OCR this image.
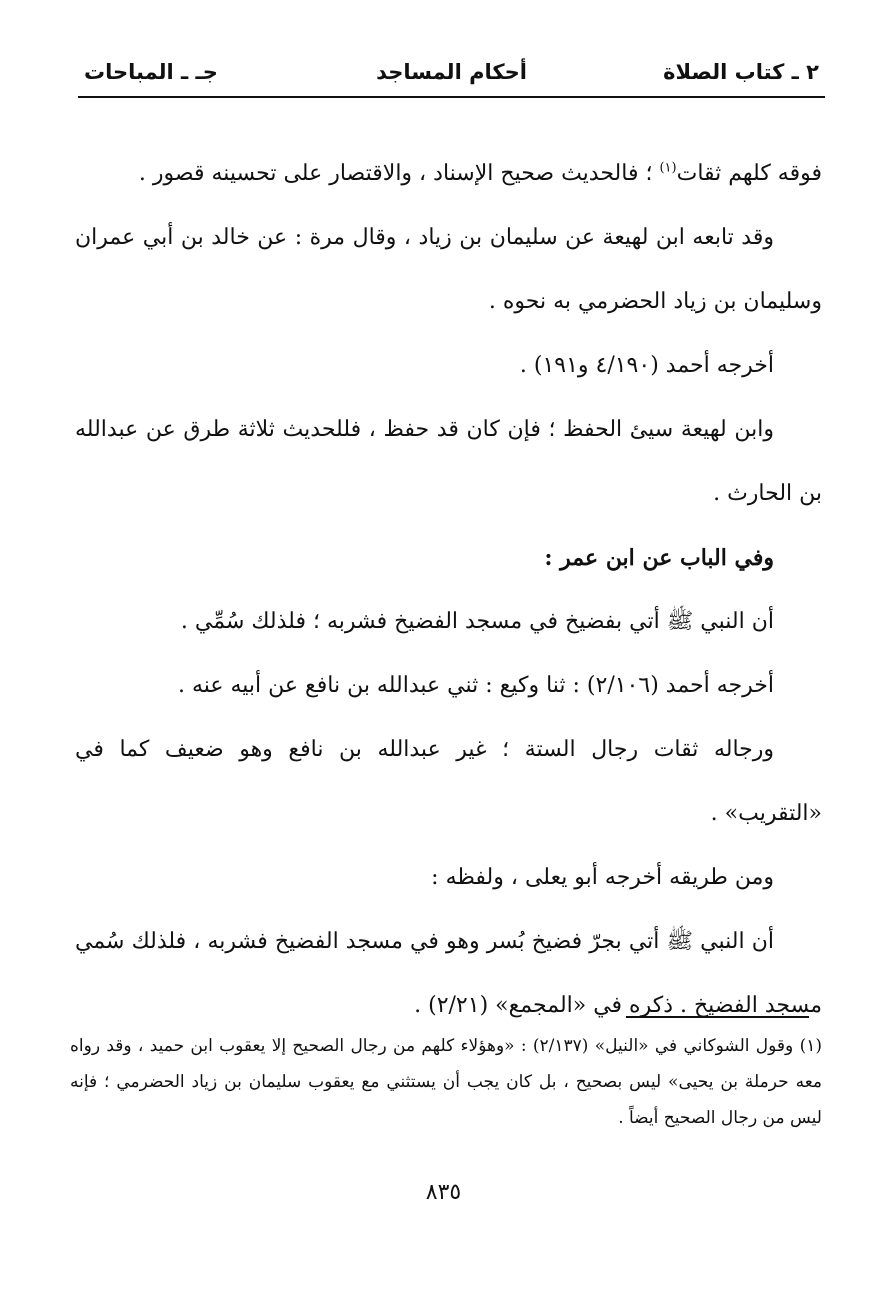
٢ ـ كتاب الصلاة
أحكام المساجد
جـ ـ المباحات

فوقه كلهم ثقات$^{(١)}$ ؛ فالحديث صحيح الإسناد ، والاقتصار على تحسينه قصور .

وقد تابعه ابن لهيعة عن سليمان بن زياد ، وقال مرة : عن خالد بن أبي عمران وسليمان بن زياد الحضرمي به نحوه .

أخرجه أحمد (٤/١٩٠ و١٩١) .

وابن لهيعة سيئ الحفظ ؛ فإن كان قد حفظ ، فللحديث ثلاثة طرق عن عبدالله بن الحارث .

وفي الباب عن ابن عمر :

أن النبي ﷺ أتي بفضيخ في مسجد الفضيخ فشربه ؛ فلذلك سُمِّي .

أخرجه أحمد (٢/١٠٦) : ثنا وكيع : ثني عبدالله بن نافع عن أبيه عنه .

ورجاله ثقات رجال الستة ؛ غير عبدالله بن نافع وهو ضعيف كما في «التقريب» .

ومن طريقه أخرجه أبو يعلى ، ولفظه :

أن النبي ﷺ أتي بجرّ فضيخ بُسر وهو في مسجد الفضيخ فشربه ، فلذلك سُمي مسجد الفضيخ . ذكره في «المجمع» (٢/٢١) .

(١) وقول الشوكاني في «النيل» (٢/١٣٧) : «وهؤلاء كلهم من رجال الصحيح إلا يعقوب ابن حميد ، وقد رواه معه حرملة بن يحيى» ليس بصحيح ، بل كان يجب أن يستثني مع يعقوب سليمان بن زياد الحضرمي ؛ فإنه ليس من رجال الصحيح أيضاً .

٨٣٥
